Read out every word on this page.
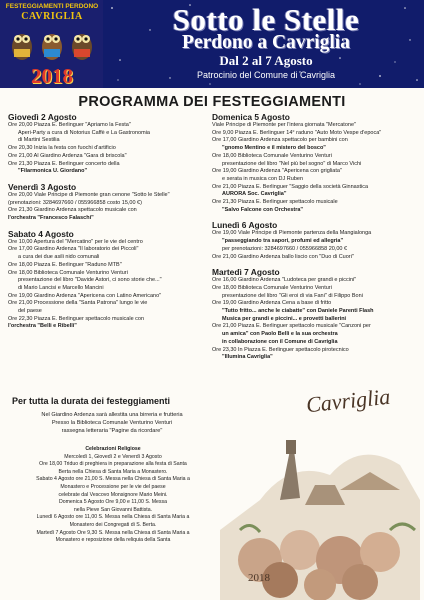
FESTEGGIAMENTI PERDONO
CAVRIGLIA
2018
Sotto le Stelle
Perdono a Cavriglia
Dal 2 al 7 Agosto
Patrocinio del Comune di Cavriglia
PROGRAMMA DEI FESTEGGIAMENTI
Giovedì 2 Agosto
Ore 20,00 Piazza E. Berlinguer "Apriamo la Festa"
Aperi-Party a cura di Notorius Caffè e La Gastronomia
di Martini Sestilia
Ore 20,30 Inizia la festa con fuochi d'artificio
Ore 21,00 Al Giardino Ardenza "Gara di briscola"
Ore 21,30 Piazza E. Berlinguer concerto della
"Filarmonica U. Giordano"
Venerdì 3 Agosto
Ore 20,00 Viale Principe di Piemonte gran cenone "Sotto le Stelle"
(prenotazioni: 3284697660 / 055966858 costo 15,00 €)
Ore 21,30 Giardino Ardenza spettacolo musicale con
l'orchestra "Francesco Falaschi"
Sabato 4 Agosto
Ore 10,00 Apertura del "Mercatino" per le vie del centro
Ore 17,00 Giardino Ardenza "Il laboratorio dei Piccoli"
a cura dei due asili nido comunali
Ore 18,00 Piazza E. Berlinguer "Raduno MTB"
Ore 18,00 Biblioteca Comunale Venturino Venturi
presentazione del libro "Davide Astori, ci sono storie che..."
di Mario Lancisi e Marcello Mancini
Ore 19,00 Giardino Ardenza "Apericena con Latino Americano"
Ore 21,00 Processione della "Santa Patrona" lungo le vie
del paese
Ore 22,30 Piazza E. Berlinguer spettacolo musicale con
l'orchestra "Belli e Ribelli"
Domenica 5 Agosto
Viale Principe di Piemonte per l'intera giornata "Mercatone"
Ore 9,00 Piazza E. Berlinguer 14° raduno "Auto Moto Vespe d'epoca"
Ore 17,00 Giardino Ardenza spettacolo per bambini con
"gnomo Mentino e il mistero del bosco"
Ore 18,00 Biblioteca Comunale Venturino Venturi
presentazione del libro "Nel più bel sogno" di Marco Vichi
Ore 19,00 Giardino Ardenza "Apericena con grigliata"
e serata in musica con DJ Ruben
Ore 21,00 Piazza E. Berlinguer "Saggio della società Ginnastica
AURORA Soc. Cavriglia"
Ore 21,30 Piazza E. Berlinguer spettacolo musicale
"Salvo Falcone con Orchestra"
Lunedì 6 Agosto
Ore 19,00 Viale Principe di Piemonte partenza della Mangialonga
"passeggiando tra sapori, profumi ed allegria"
per prenotazioni: 3284697660 / 055966858 20,00 €
Ore 21,00 Giardino Ardenza ballo liscio con "Duo di Cuori"
Martedì 7 Agosto
Ore 16,00 Giardino Ardenza "Ludoteca per grandi e piccini"
Ore 18,00 Biblioteca Comunale Venturino Venturi
presentazione del libro "Gli eroi di via Fani" di Filippo Boni
Ore 19,00 Giardino Ardenza Cena a base di fritto
"Tutto fritto... anche le ciabatte" con Daniele Parenti Flash
Musica per grandi e piccini... e provetti ballerini
Ore 21,00 Piazza E. Berlinguer spettacolo musicale "Canzoni per
un amica" con Paolo Belli e la sua orchestra
in collaborazione con il Comune di Cavriglia
Ore 23,30 In Piazza E. Berlinguer spettacolo pirotecnico
"Illumina Cavriglia"
Per tutta la durata dei festeggiamenti
Nel Giardino Ardenza sarà allestita una birreria e frutteria
Presso la Biblioteca Comunale Venturino Venturi
rassegna letteraria "Pagine da ricordare"
Celebrazioni Religiose
Mercoledì 1, Giovedì 2 e Venerdì 3 Agosto
Ore 18,00 Triduo di preghiera in preparazione alla festa di Santa
Berta nella Chiesa di Santa Maria a Monastero.
Sabato 4 Agosto ore 21,00 S. Messa nella Chiesa di Santa Maria a
Monastero e Processione per le vie del paese
celebrate dal Vescovo Monsignore Mario Meini.
Domenica 5 Agosto Ore 9,00 e 11,00 S. Messa
nella Pieve San Giovanni Battista.
Lunedì 6 Agosto ore 11,00 S. Messa nella Chiesa di Santa Maria a
Monastero dei Congregati di S. Berta.
Martedì 7 Agosto Ore 9,30 S. Messa nella Chiesa di Santa Maria a
Monastero e reposizione della reliquia della Santa
Cavriglia
2018
